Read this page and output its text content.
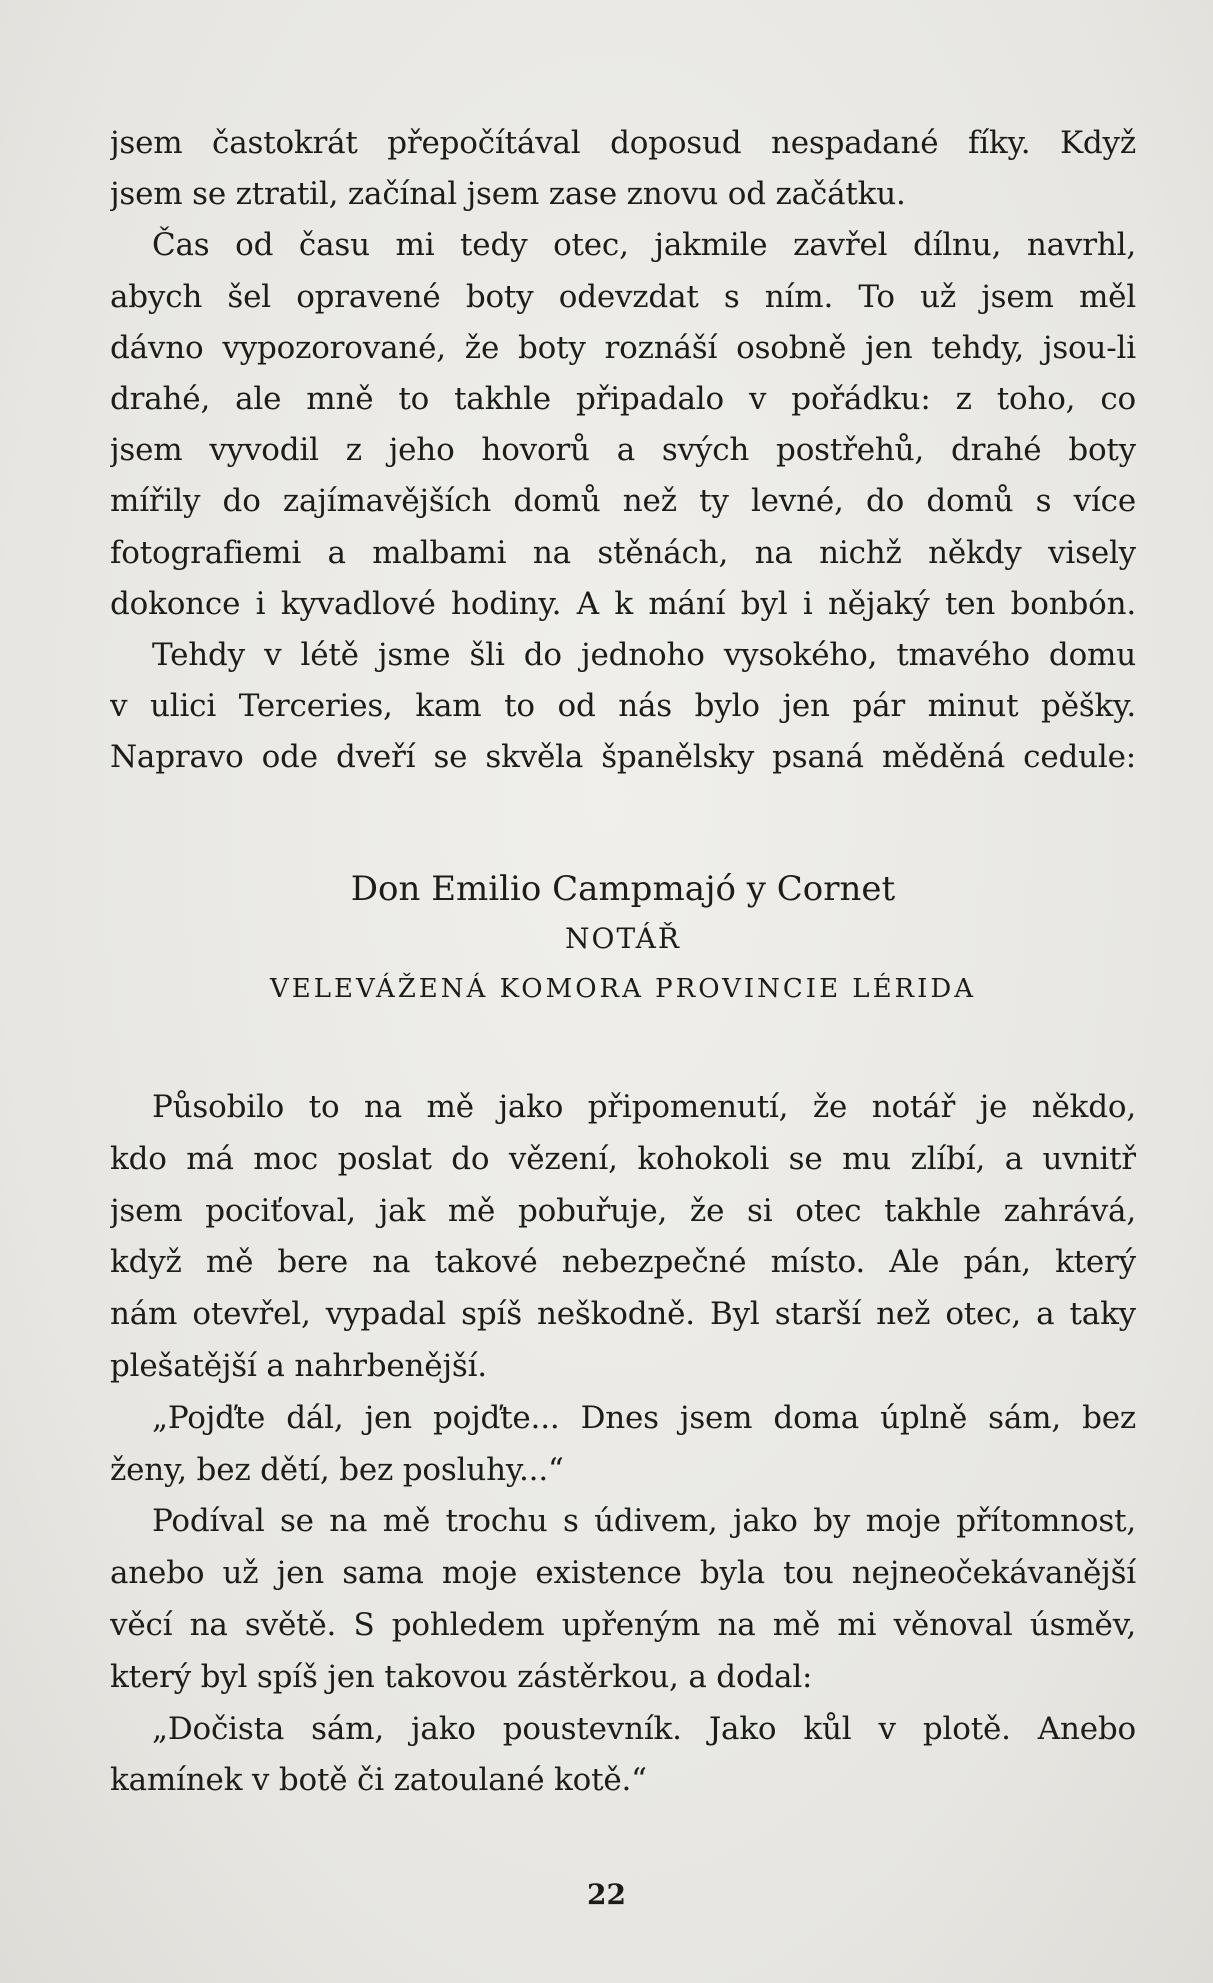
jsem častokrát přepočítával doposud nespadané fíky. Když
jsem se ztratil, začínal jsem zase znovu od začátku.
Čas od času mi tedy otec, jakmile zavřel dílnu, navrhl,
abych šel opravené boty odevzdat s ním. To už jsem měl
dávno vypozorované, že boty roznáší osobně jen tehdy, jsou-li
drahé, ale mně to takhle připadalo v pořádku: z toho, co
jsem vyvodil z jeho hovorů a svých postřehů, drahé boty
mířily do zajímavějších domů než ty levné, do domů s více
fotografiemi a malbami na stěnách, na nichž někdy visely
dokonce i kyvadlové hodiny. A k mání byl i nějaký ten bonbón.
Tehdy v létě jsme šli do jednoho vysokého, tmavého domu
v ulici Terceries, kam to od nás bylo jen pár minut pěšky.
Napravo ode dveří se skvěla španělsky psaná měděná cedule:
Don Emilio Campmajó y Cornet
NOTÁŘ
VELEVÁŽENÁ KOMORA PROVINCIE LÉRIDA
Působilo to na mě jako připomenutí, že notář je někdo,
kdo má moc poslat do vězení, kohokoli se mu zlíbí, a uvnitř
jsem pociťoval, jak mě pobuřuje, že si otec takhle zahrává,
když mě bere na takové nebezpečné místo. Ale pán, který
nám otevřel, vypadal spíš neškodně. Byl starší než otec, a taky
plešatější a nahrbenější.
„Pojďte dál, jen pojďte... Dnes jsem doma úplně sám, bez
ženy, bez dětí, bez posluhy...“
Podíval se na mě trochu s údivem, jako by moje přítomnost,
anebo už jen sama moje existence byla tou nejneočekávanější
věcí na světě. S pohledem upřeným na mě mi věnoval úsměv,
který byl spíš jen takovou zástěrkou, a dodal:
„Dočista sám, jako poustevník. Jako kůl v plotě. Anebo
kamínek v botě či zatoulané kotě.“
22
